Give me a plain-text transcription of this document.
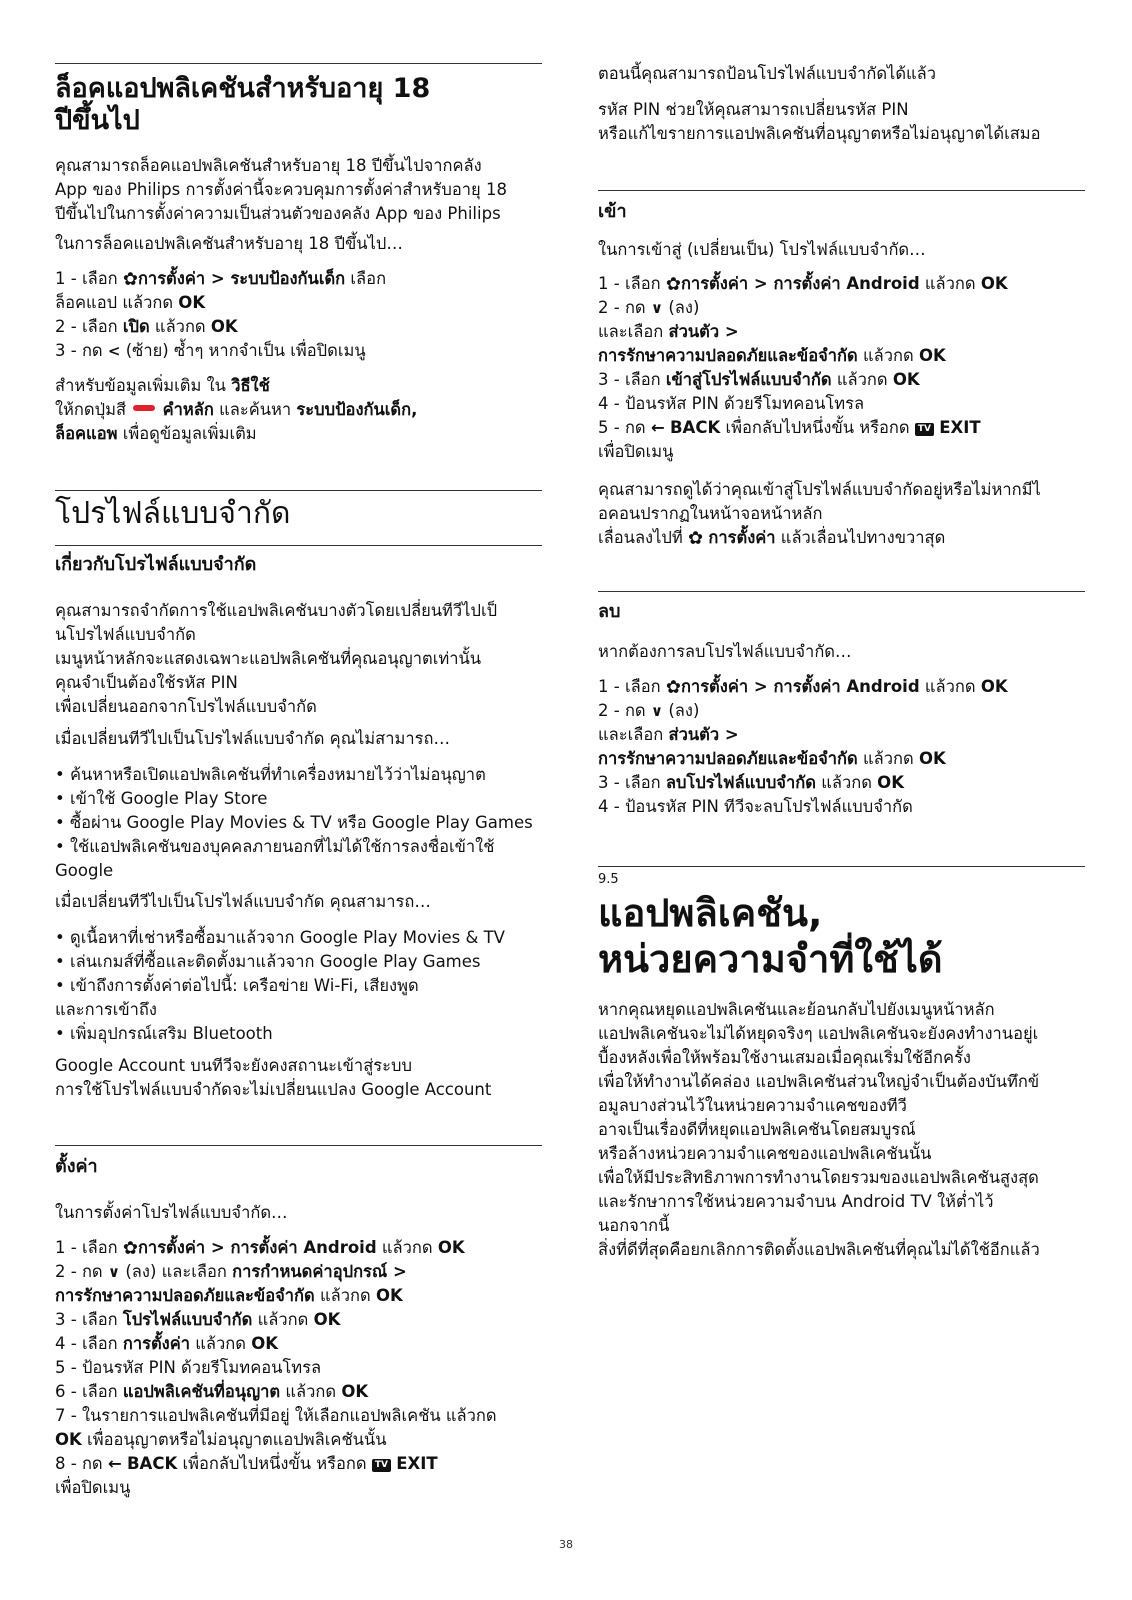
ล็อคแอปพลิเคชันสำหรับอายุ 18
ปีขึ้นไป
คุณสามารถล็อคแอปพลิเคชันสำหรับอายุ 18 ปีขึ้นไปจากคลัง
App ของ Philips การตั้งค่านี้จะควบคุมการตั้งค่าสำหรับอายุ 18
ปีขึ้นไปในการตั้งค่าความเป็นส่วนตัวของคลัง App ของ Philips
ในการล็อคแอปพลิเคชันสำหรับอายุ 18 ปีขึ้นไป…
1 - เลือก ✿การตั้งค่า > ระบบป้องกันเด็ก เลือก
ล็อคแอป แล้วกด OK
2 - เลือก เปิด แล้วกด OK
3 - กด < (ซ้าย) ซ้ำๆ หากจำเป็น เพื่อปิดเมนู
สำหรับข้อมูลเพิ่มเติม ใน วิธีใช้
ให้กดปุ่มสี  คำหลัก และค้นหา ระบบป้องกันเด็ก,
ล็อคแอพ เพื่อดูข้อมูลเพิ่มเติม
โปรไฟล์แบบจำกัด
เกี่ยวกับโปรไฟล์แบบจำกัด
คุณสามารถจำกัดการใช้แอปพลิเคชันบางตัวโดยเปลี่ยนทีวีไปเป็
นโปรไฟล์แบบจำกัด
เมนูหน้าหลักจะแสดงเฉพาะแอปพลิเคชันที่คุณอนุญาตเท่านั้น
คุณจำเป็นต้องใช้รหัส PIN
เพื่อเปลี่ยนออกจากโปรไฟล์แบบจำกัด
เมื่อเปลี่ยนทีวีไปเป็นโปรไฟล์แบบจำกัด คุณไม่สามารถ…
• ค้นหาหรือเปิดแอปพลิเคชันที่ทำเครื่องหมายไว้ว่าไม่อนุญาต
• เข้าใช้ Google Play Store
• ซื้อผ่าน Google Play Movies & TV หรือ Google Play Games
• ใช้แอปพลิเคชันของบุคคลภายนอกที่ไม่ได้ใช้การลงชื่อเข้าใช้
Google
เมื่อเปลี่ยนทีวีไปเป็นโปรไฟล์แบบจำกัด คุณสามารถ…
• ดูเนื้อหาที่เช่าหรือซื้อมาแล้วจาก Google Play Movies & TV
• เล่นเกมส์ที่ซื้อและติดตั้งมาแล้วจาก Google Play Games
• เข้าถึงการตั้งค่าต่อไปนี้: เครือข่าย Wi-Fi, เสียงพูด
และการเข้าถึง
• เพิ่มอุปกรณ์เสริม Bluetooth
Google Account บนทีวีจะยังคงสถานะเข้าสู่ระบบ
การใช้โปรไฟล์แบบจำกัดจะไม่เปลี่ยนแปลง Google Account
ตั้งค่า
ในการตั้งค่าโปรไฟล์แบบจำกัด…
1 - เลือก ✿การตั้งค่า > การตั้งค่า Android แล้วกด OK
2 - กด ∨ (ลง) และเลือก การกำหนดค่าอุปกรณ์ >
การรักษาความปลอดภัยและข้อจำกัด แล้วกด OK
3 - เลือก โปรไฟล์แบบจำกัด แล้วกด OK
4 - เลือก การตั้งค่า แล้วกด OK
5 - ป้อนรหัส PIN ด้วยรีโมทคอนโทรล
6 - เลือก แอปพลิเคชันที่อนุญาต แล้วกด OK
7 - ในรายการแอปพลิเคชันที่มีอยู่ ให้เลือกแอปพลิเคชัน แล้วกด
OK เพื่ออนุญาตหรือไม่อนุญาตแอปพลิเคชันนั้น
8 - กด ← BACK เพื่อกลับไปหนึ่งขั้น หรือกด TV EXIT
เพื่อปิดเมนู
ตอนนี้คุณสามารถป้อนโปรไฟล์แบบจำกัดได้แล้ว
รหัส PIN ช่วยให้คุณสามารถเปลี่ยนรหัส PIN
หรือแก้ไขรายการแอปพลิเคชันที่อนุญาตหรือไม่อนุญาตได้เสมอ
เข้า
ในการเข้าสู่ (เปลี่ยนเป็น) โปรไฟล์แบบจำกัด…
1 - เลือก ✿การตั้งค่า > การตั้งค่า Android แล้วกด OK
2 - กด ∨ (ลง)
และเลือก ส่วนตัว >
การรักษาความปลอดภัยและข้อจำกัด แล้วกด OK
3 - เลือก เข้าสู่โปรไฟล์แบบจำกัด แล้วกด OK
4 - ป้อนรหัส PIN ด้วยรีโมทคอนโทรล
5 - กด ← BACK เพื่อกลับไปหนึ่งขั้น หรือกด TV EXIT
เพื่อปิดเมนู
คุณสามารถดูได้ว่าคุณเข้าสู่โปรไฟล์แบบจำกัดอยู่หรือไม่หากมีไ
อคอนปรากฏในหน้าจอหน้าหลัก
เลื่อนลงไปที่ ✿ การตั้งค่า แล้วเลื่อนไปทางขวาสุด
ลบ
หากต้องการลบโปรไฟล์แบบจำกัด…
1 - เลือก ✿การตั้งค่า > การตั้งค่า Android แล้วกด OK
2 - กด ∨ (ลง)
และเลือก ส่วนตัว >
การรักษาความปลอดภัยและข้อจำกัด แล้วกด OK
3 - เลือก ลบโปรไฟล์แบบจำกัด แล้วกด OK
4 - ป้อนรหัส PIN ทีวีจะลบโปรไฟล์แบบจำกัด
9.5
แอปพลิเคชัน,
หน่วยความจำที่ใช้ได้
หากคุณหยุดแอปพลิเคชันและย้อนกลับไปยังเมนูหน้าหลัก
แอปพลิเคชันจะไม่ได้หยุดจริงๆ แอปพลิเคชันจะยังคงทำงานอยู่เ
บื้องหลังเพื่อให้พร้อมใช้งานเสมอเมื่อคุณเริ่มใช้อีกครั้ง
เพื่อให้ทำงานได้คล่อง แอปพลิเคชันส่วนใหญ่จำเป็นต้องบันทึกข้
อมูลบางส่วนไว้ในหน่วยความจำแคชของทีวี
อาจเป็นเรื่องดีที่หยุดแอปพลิเคชันโดยสมบูรณ์
หรือล้างหน่วยความจำแคชของแอปพลิเคชันนั้น
เพื่อให้มีประสิทธิภาพการทำงานโดยรวมของแอปพลิเคชันสูงสุด
และรักษาการใช้หน่วยความจำบน Android TV ให้ต่ำไว้
นอกจากนี้
สิ่งที่ดีที่สุดคือยกเลิกการติดตั้งแอปพลิเคชันที่คุณไม่ได้ใช้อีกแล้ว
38
